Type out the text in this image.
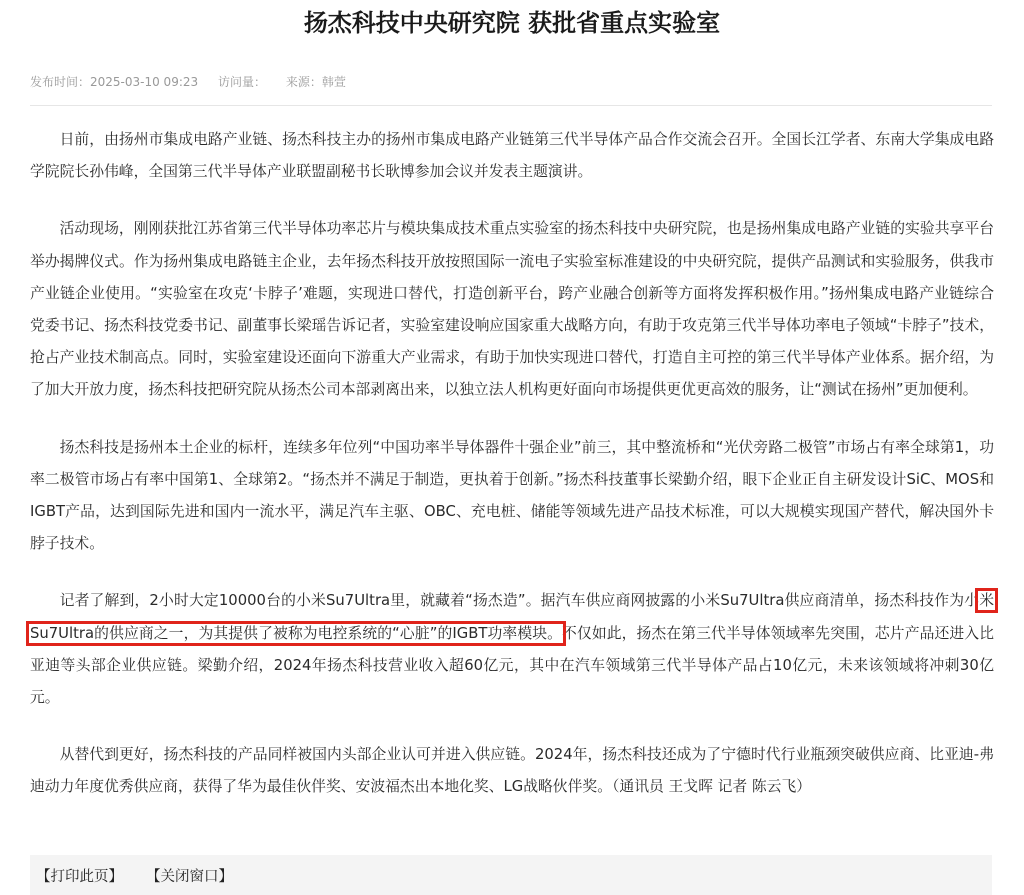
扬杰科技中央研究院 获批省重点实验室
发布时间：2025-03-10 09:23 访问量： 来源：韩萱

日前，由扬州市集成电路产业链、扬杰科技主办的扬州市集成电路产业链第三代半导体产品合作交流会召开。全国长江学者、东南大学集成电路学院院长孙伟峰，全国第三代半导体产业联盟副秘书长耿博参加会议并发表主题演讲。

活动现场，刚刚获批江苏省第三代半导体功率芯片与模块集成技术重点实验室的扬杰科技中央研究院，也是扬州集成电路产业链的实验共享平台举办揭牌仪式。作为扬州集成电路链主企业，去年扬杰科技开放按照国际一流电子实验室标准建设的中央研究院，提供产品测试和实验服务，供我市产业链企业使用。“实验室在攻克‘卡脖子’难题，实现进口替代，打造创新平台，跨产业融合创新等方面将发挥积极作用。”扬州集成电路产业链综合党委书记、扬杰科技党委书记、副董事长梁瑶告诉记者，实验室建设响应国家重大战略方向，有助于攻克第三代半导体功率电子领域“卡脖子”技术，抢占产业技术制高点。同时，实验室建设还面向下游重大产业需求，有助于加快实现进口替代，打造自主可控的第三代半导体产业体系。据介绍，为了加大开放力度，扬杰科技把研究院从扬杰公司本部剥离出来，以独立法人机构更好面向市场提供更优更高效的服务，让“测试在扬州”更加便利。

扬杰科技是扬州本土企业的标杆，连续多年位列“中国功率半导体器件十强企业”前三，其中整流桥和“光伏旁路二极管”市场占有率全球第1，功率二极管市场占有率中国第1、全球第2。“扬杰并不满足于制造，更执着于创新。”扬杰科技董事长梁勤介绍，眼下企业正自主研发设计SiC、MOS和IGBT产品，达到国际先进和国内一流水平，满足汽车主驱、OBC、充电桩、储能等领域先进产品技术标准，可以大规模实现国产替代，解决国外卡脖子技术。

记者了解到，2小时大定10000台的小米Su7Ultra里，就藏着“扬杰造”。据汽车供应商网披露的小米Su7Ultra供应商清单，扬杰科技作为小米Su7Ultra的供应商之一，为其提供了被称为电控系统的“心脏”的IGBT功率模块。不仅如此，扬杰在第三代半导体领域率先突围，芯片产品还进入比亚迪等头部企业供应链。梁勤介绍，2024年扬杰科技营业收入超60亿元，其中在汽车领域第三代半导体产品占10亿元，未来该领域将冲刺30亿元。

从替代到更好，扬杰科技的产品同样被国内头部企业认可并进入供应链。2024年，扬杰科技还成为了宁德时代行业瓶颈突破供应商、比亚迪-弗迪动力年度优秀供应商，获得了华为最佳伙伴奖、安波福杰出本地化奖、LG战略伙伴奖。（通讯员 王戈晖 记者 陈云飞）

【打印此页】 【关闭窗口】
